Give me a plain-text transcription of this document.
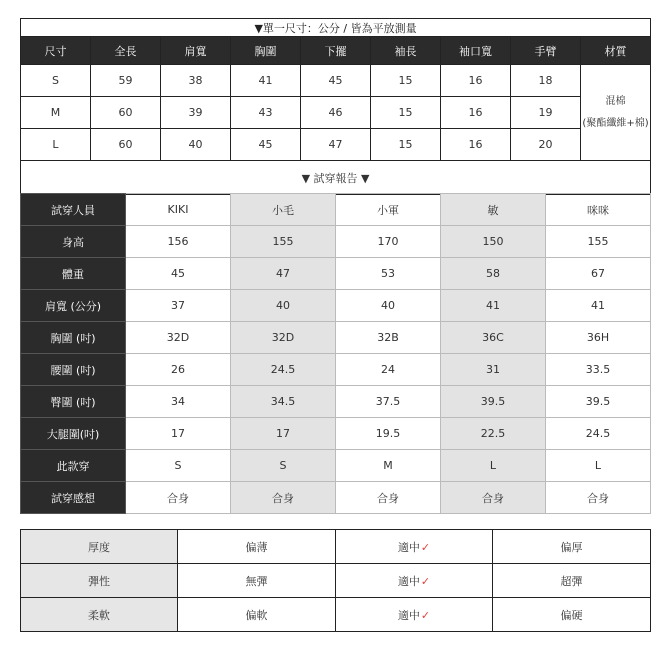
▼單一尺寸：公分 / 皆為平放測量								
尺寸	全長	肩寬	胸圍	下擺	袖長	袖口寬	手臂	材質
S	59	38	41	45	15	16	18	混棉
(聚酯纖維+棉)

M	60	39	43	46	15	16	19	
L	60	40	45	47	15	16	20	
▼ 試穿報告 ▼								
試穿人員	KIKI	小毛	小軍	敏	咪咪
身高	156	155	170	150	155
體重	45	47	53	58	67
肩寬 (公分)	37	40	40	41	41
胸圍 (吋)	32D	32D	32B	36C	36H
腰圍 (吋)	26	24.5	24	31	33.5
臀圍 (吋)	34	34.5	37.5	39.5	39.5
大腿圍(吋)	17	17	19.5	22.5	24.5
此款穿	S	S	M	L	L
試穿感想	合身	合身	合身	合身	合身
厚度	偏薄	適中✓	偏厚
彈性	無彈	適中✓	超彈
柔軟	偏軟	適中✓	偏硬
